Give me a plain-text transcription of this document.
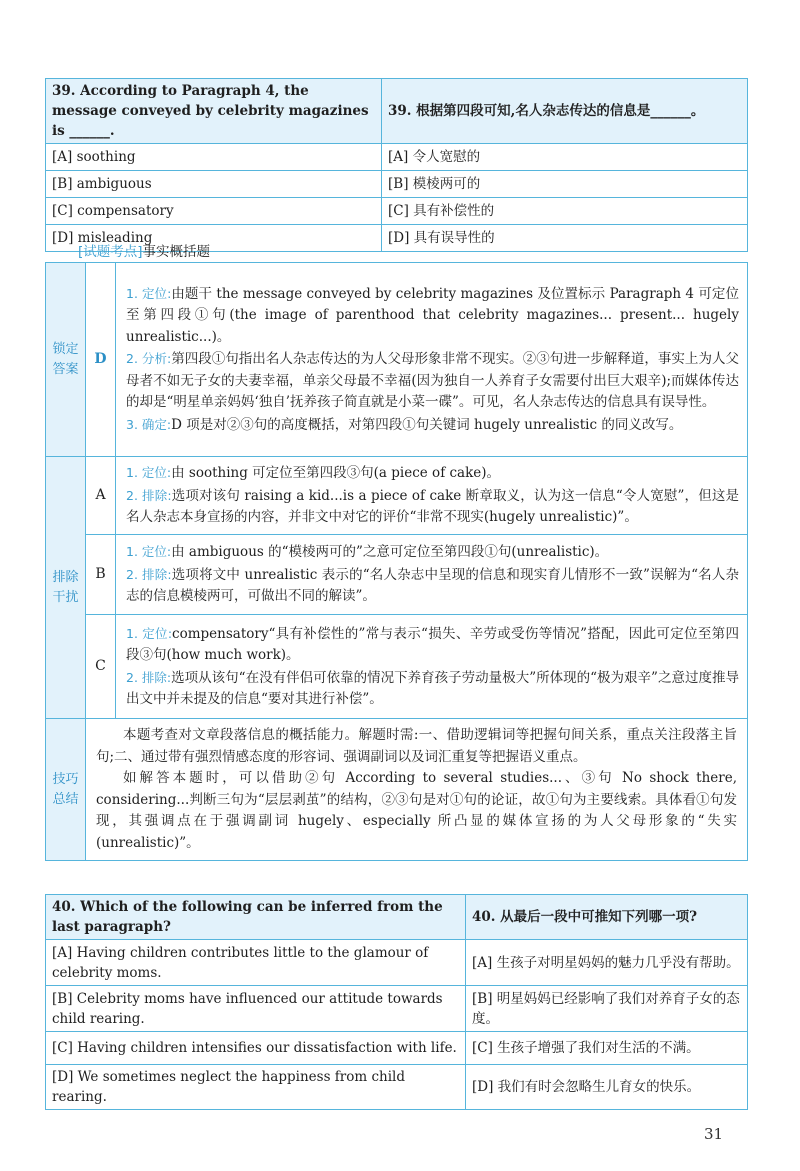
39. According to Paragraph 4, the message conveyed by celebrity magazines is ______.	39. 根据第四段可知,名人杂志传达的信息是______。
[A] soothing	[A] 令人宽慰的
[B] ambiguous	[B] 模棱两可的
[C] compensatory	[C] 具有补偿性的
[D] misleading	[D] 具有误导性的
[试题考点]事实概括题
锁定答案	D	1. 定位:由题干 the message conveyed by celebrity magazines 及位置标示 Paragraph 4 可定位至第四段①句(the image of parenthood that celebrity magazines... present... hugely unrealistic...)。
2. 分析:第四段①句指出名人杂志传达的为人父母形象非常不现实。②③句进一步解释道，事实上为人父母者不如无子女的夫妻幸福，单亲父母最不幸福(因为独自一人养育子女需要付出巨大艰辛);而媒体传达的却是“明星单亲妈妈‘独自’抚养孩子简直就是小菜一碟”。可见，名人杂志传达的信息具有误导性。
3. 确定:D 项是对②③句的高度概括，对第四段①句关键词 hugely unrealistic 的同义改写。

排除干扰	A	1. 定位:由 soothing 可定位至第四段③句(a piece of cake)。
2. 排除:选项对该句 raising a kid...is a piece of cake 断章取义，认为这一信息“令人宽慰”，但这是名人杂志本身宣扬的内容，并非文中对它的评价“非常不现实(hugely unrealistic)”。

	B	1. 定位:由 ambiguous 的“模棱两可的”之意可定位至第四段①句(unrealistic)。
2. 排除:选项将文中 unrealistic 表示的“名人杂志中呈现的信息和现实育儿情形不一致”误解为“名人杂志的信息模棱两可，可做出不同的解读”。

	C	1. 定位:compensatory“具有补偿性的”常与表示“损失、辛劳或受伤等情况”搭配，因此可定位至第四段③句(how much work)。
2. 排除:选项从该句“在没有伴侣可依靠的情况下养育孩子劳动量极大”所体现的“极为艰辛”之意过度推导出文中并未提及的信息“要对其进行补偿”。

技巧总结	本题考查对文章段落信息的概括能力。解题时需:一、借助逻辑词等把握句间关系，重点关注段落主旨句;二、通过带有强烈情感态度的形容词、强调副词以及词汇重复等把握语义重点。
如解答本题时，可以借助②句 According to several studies...、③句 No shock there, considering...判断三句为“层层剥茧”的结构，②③句是对①句的论证，故①句为主要线索。具体看①句发现，其强调点在于强调副词 hugely、especially 所凸显的媒体宣扬的为人父母形象的“失实(unrealistic)”。	
40. Which of the following can be inferred from the last paragraph?	40. 从最后一段中可推知下列哪一项?
[A] Having children contributes little to the glamour of celebrity moms.	[A] 生孩子对明星妈妈的魅力几乎没有帮助。
[B] Celebrity moms have influenced our attitude towards child rearing.	[B] 明星妈妈已经影响了我们对养育子女的态度。
[C] Having children intensifies our dissatisfaction with life.	[C] 生孩子增强了我们对生活的不满。
[D] We sometimes neglect the happiness from child rearing.	[D] 我们有时会忽略生儿育女的快乐。
31
